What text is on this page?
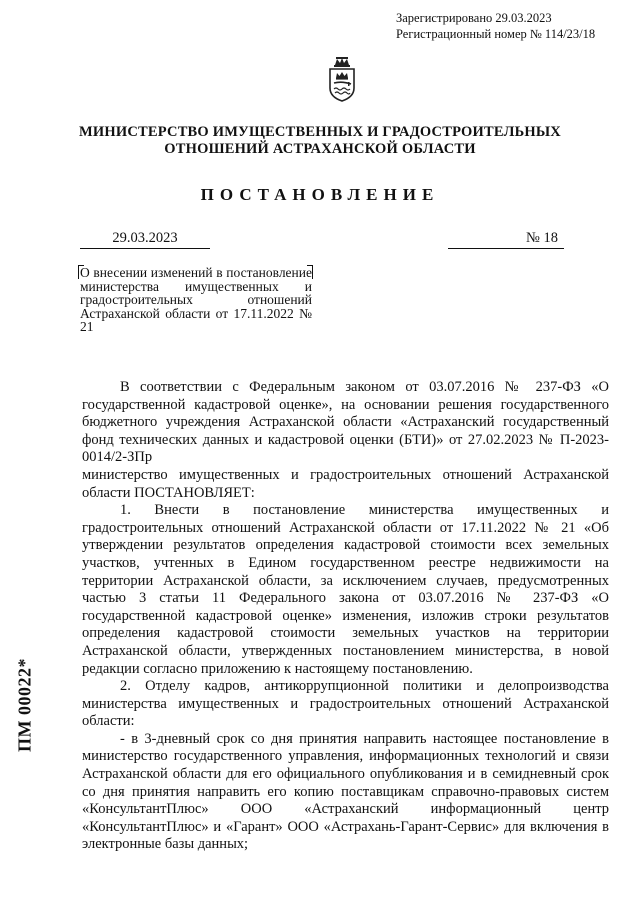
Зарегистрировано 29.03.2023
Регистрационный номер № 114/23/18
МИНИСТЕРСТВО ИМУЩЕСТВЕННЫХ И ГРАДОСТРОИТЕЛЬНЫХ
ОТНОШЕНИЙ АСТРАХАНСКОЙ ОБЛАСТИ
ПОСТАНОВЛЕНИЕ
29.03.2023	№ 18
О внесении изменений в постановление министерства имущественных и градостроительных отношений Астраханской области от 17.11.2022 № 21

В соответствии с Федеральным законом от 03.07.2016 № 237-ФЗ «О государственной кадастровой оценке», на основании решения государственного бюджетного учреждения Астраханской области «Астраханский государственный фонд технических данных и кадастровой оценки (БТИ)» от 27.02.2023 № П-2023-0014/2-ЗПр

министерство имущественных и градостроительных отношений Астраханской области ПОСТАНОВЛЯЕТ:

1. Внести в постановление министерства имущественных и градостроительных отношений Астраханской области от 17.11.2022 № 21 «Об утверждении результатов определения кадастровой стоимости всех земельных участков, учтенных в Едином государственном реестре недвижимости на территории Астраханской области, за исключением случаев, предусмотренных частью 3 статьи 11 Федерального закона от 03.07.2016 № 237-ФЗ «О государственной кадастровой оценке» изменения, изложив строки результатов определения кадастровой стоимости земельных участков на территории Астраханской области, утвержденных постановлением министерства, в новой редакции согласно приложению к настоящему постановлению.

2. Отделу кадров, антикоррупционной политики и делопроизводства министерства имущественных и градостроительных отношений Астраханской области:

- в 3-дневный срок со дня принятия направить настоящее постановление в министерство государственного управления, информационных технологий и связи Астраханской области для его официального опубликования и в семидневный срок со дня принятия направить его копию поставщикам справочно-правовых систем «КонсультантПлюс» ООО «Астраханский информационный центр «КонсультантПлюс» и «Гарант» ООО «Астрахань-Гарант-Сервис» для включения в электронные базы данных;

ПМ 00022*
